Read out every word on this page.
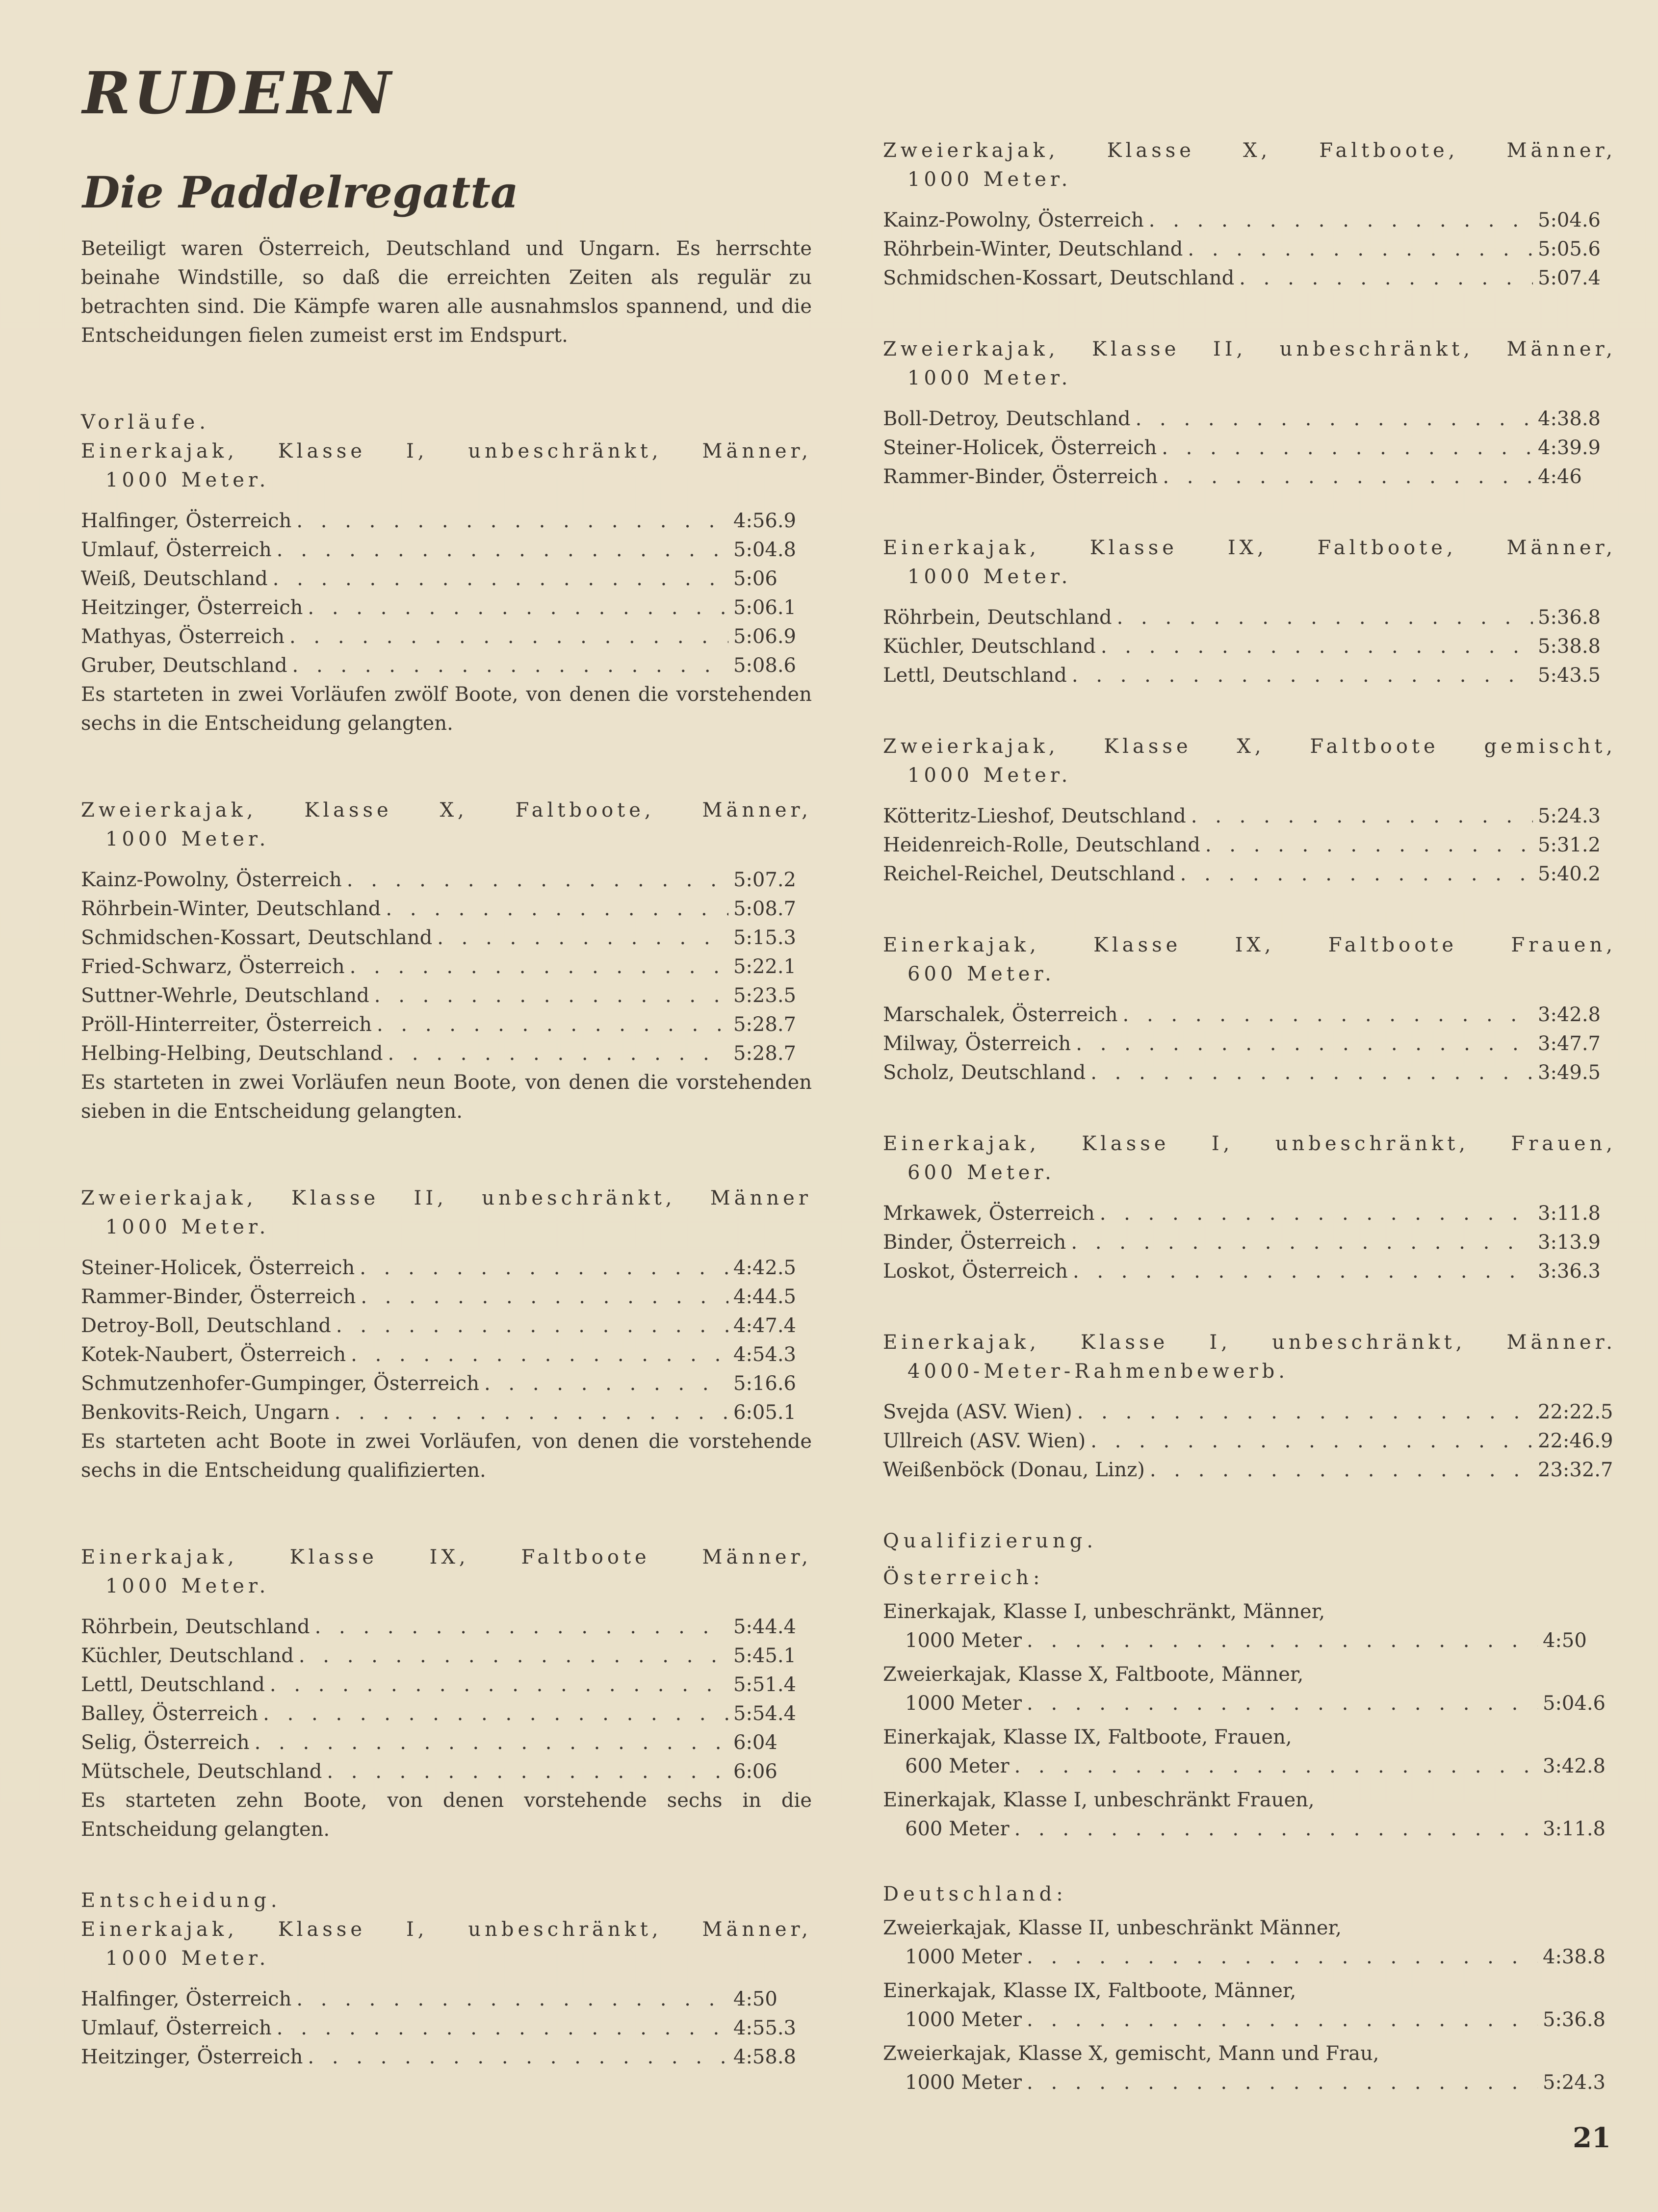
RUDERN
Die Paddelregatta

Beteiligt waren Österreich, Deutschland und Ungarn. Es herrschte beinahe Windstille, so daß die erreichten Zeiten als regulär zu betrachten sind. Die Kämpfe waren alle ausnahmslos spannend, und die Entscheidungen fielen zumeist erst im Endspurt.

Vorläufe.
Einerkajak, Klasse I, unbeschränkt, Männer,
1000 Meter.
Halfinger, Österreich . . .	4:56.9
Umlauf, Österreich . . .	5:04.8
Weiß, Deutschland . . .	5:06
Heitzinger, Österreich . . .	5:06.1
Mathyas, Österreich . . .	5:06.9
Gruber, Deutschland . . .	5:08.6

Es starteten in zwei Vorläufen zwölf Boote, von denen die vorstehenden sechs in die Entscheidung gelangten.

Zweierkajak, Klasse X, Faltboote, Männer,
1000 Meter.
Kainz-Powolny, Österreich . . .	5:07.2
Röhrbein-Winter, Deutschland . . .	5:08.7
Schmidschen-Kossart, Deutschland . . .	5:15.3
Fried-Schwarz, Österreich . . .	5:22.1
Suttner-Wehrle, Deutschland . . .	5:23.5
Pröll-Hinterreiter, Österreich . . .	5:28.7
Helbing-Helbing, Deutschland . . .	5:28.7

Es starteten in zwei Vorläufen neun Boote, von denen die vorstehenden sieben in die Entscheidung gelangten.

Zweierkajak, Klasse II, unbeschränkt, Männer
1000 Meter.
Steiner-Holicek, Österreich . . .	4:42.5
Rammer-Binder, Österreich . . .	4:44.5
Detroy-Boll, Deutschland . . .	4:47.4
Kotek-Naubert, Österreich . . .	4:54.3
Schmutzenhofer-Gumpinger, Österreich . . .	5:16.6
Benkovits-Reich, Ungarn . . .	6:05.1

Es starteten acht Boote in zwei Vorläufen, von denen die vorstehende sechs in die Entscheidung qualifizierten.

Einerkajak,	Klasse	IX,	Faltboote	Männer,
1000 Meter.
Röhrbein, Deutschland . . .	5:44.4
Küchler, Deutschland . . .	5:45.1
Lettl, Deutschland . . .	5:51.4
Balley, Österreich . . .	5:54.4
Selig, Österreich . . .	6:04
Mütschele, Deutschland . . .	6:06

Es starteten zehn Boote, von denen vorstehende sechs in die Entscheidung gelangten.

Entscheidung.
Einerkajak, Klasse I, unbeschränkt, Männer,
1000 Meter.
Halfinger, Österreich . . .	4:50
Umlauf, Österreich . . .	4:55.3
Heitzinger, Österreich . . .	4:58.8
Zweierkajak, Klasse X, Faltboote, Männer,
1000 Meter.
Kainz-Powolny, Österreich . . .	5:04.6
Röhrbein-Winter, Deutschland . . .	5:05.6
Schmidschen-Kossart, Deutschland . . .	5:07.4
Zweierkajak, Klasse II, unbeschränkt, Männer,
1000 Meter.
Boll-Detroy, Deutschland . . .	4:38.8
Steiner-Holicek, Österreich . . .	4:39.9
Rammer-Binder, Österreich . . .	4:46
Einerkajak,	Klasse	IX,	Faltboote,	Männer,
1000 Meter.
Röhrbein, Deutschland . . .	5:36.8
Küchler, Deutschland . . .	5:38.8
Lettl, Deutschland . . .	5:43.5
Zweierkajak, Klasse X, Faltboote gemischt,
1000 Meter.
Kötteritz-Lieshof, Deutschland . . .	5:24.3
Heidenreich-Rolle, Deutschland . . .	5:31.2
Reichel-Reichel, Deutschland . . .	5:40.2
Einerkajak,	Klasse	IX,	Faltboote	Frauen,
600 Meter.
Marschalek, Österreich . . .	3:42.8
Milway, Österreich . . .	3:47.7
Scholz, Deutschland . . .	3:49.5
Einerkajak, Klasse I, unbeschränkt, Frauen,
600 Meter.
Mrkawek, Österreich . . .	3:11.8
Binder, Österreich . . .	3:13.9
Loskot, Österreich . . .	3:36.3
Einerkajak, Klasse I, unbeschränkt, Männer.
4000-Meter-Rahmenbewerb.
Svejda (ASV. Wien) . . .	22:22.5
Ullreich (ASV. Wien) . . .	22:46.9
Weißenböck (Donau, Linz) . . .	23:32.7
Qualifizierung.
Österreich:
Einerkajak, Klasse I, unbeschränkt, Männer,
1000 Meter . . .	4:50
Zweierkajak, Klasse X, Faltboote, Männer,
1000 Meter . . .	5:04.6
Einerkajak, Klasse IX, Faltboote, Frauen,
600 Meter . . .	3:42.8
Einerkajak, Klasse I, unbeschränkt Frauen,
600 Meter . . .	3:11.8
Deutschland:
Zweierkajak, Klasse II, unbeschränkt Männer,
1000 Meter . . .	4:38.8
Einerkajak, Klasse IX, Faltboote, Männer,
1000 Meter . . .	5:36.8
Zweierkajak, Klasse X, gemischt, Mann und Frau,
1000 Meter . . .	5:24.3
21
